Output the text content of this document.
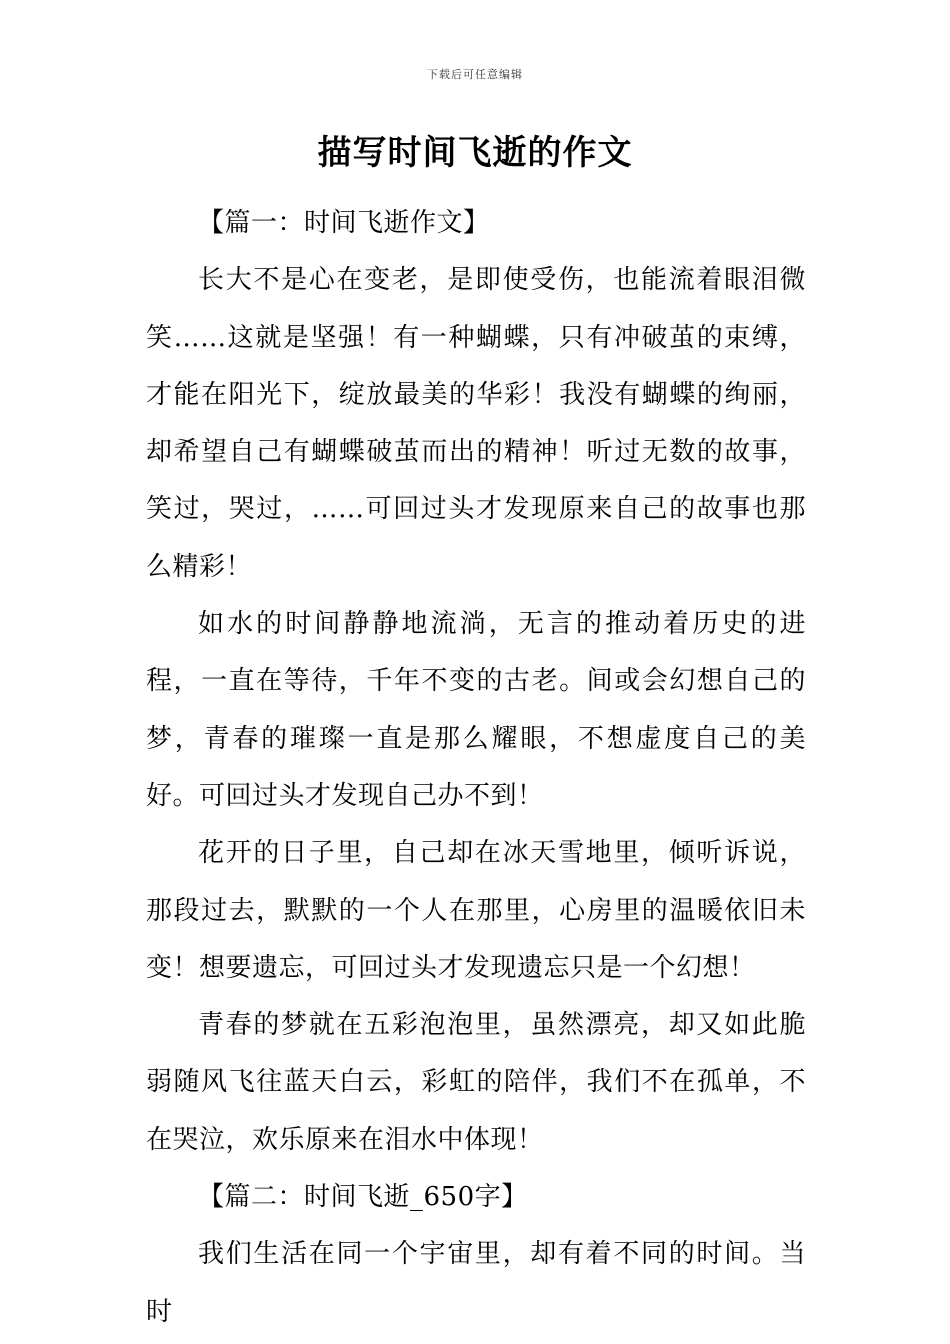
下载后可任意编辑
描写时间飞逝的作文

【篇一：时间飞逝作文】

长大不是心在变老，是即使受伤，也能流着眼泪微笑……这就是坚强！有一种蝴蝶，只有冲破茧的束缚，才能在阳光下，绽放最美的华彩！我没有蝴蝶的绚丽，却希望自己有蝴蝶破茧而出的精神！听过无数的故事，笑过，哭过，……可回过头才发现原来自己的故事也那么精彩！

如水的时间静静地流淌，无言的推动着历史的进程，一直在等待，千年不变的古老。间或会幻想自己的梦，青春的璀璨一直是那么耀眼，不想虚度自己的美好。可回过头才发现自己办不到！

花开的日子里，自己却在冰天雪地里，倾听诉说，那段过去，默默的一个人在那里，心房里的温暖依旧未变！想要遗忘，可回过头才发现遗忘只是一个幻想！

青春的梦就在五彩泡泡里，虽然漂亮，却又如此脆弱随风飞往蓝天白云，彩虹的陪伴，我们不在孤单，不在哭泣，欢乐原来在泪水中体现！

【篇二：时间飞逝_650字】

我们生活在同一个宇宙里，却有着不同的时间。当时
